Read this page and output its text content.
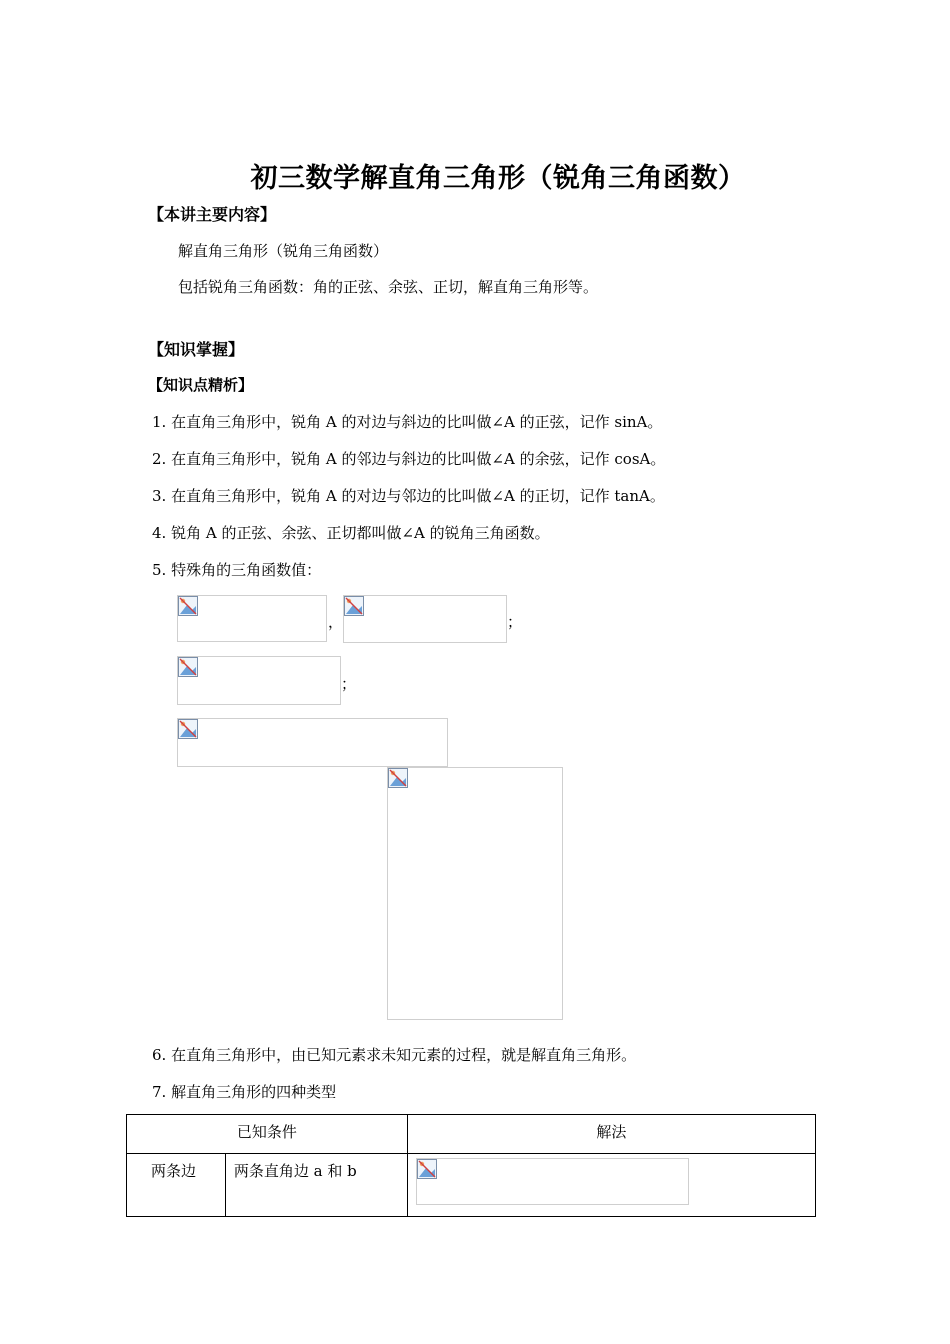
初三数学解直角三角形（锐角三角函数）
【本讲主要内容】
解直角三角形（锐角三角函数）
包括锐角三角函数：角的正弦、余弦、正切，解直角三角形等。
【知识掌握】
【知识点精析】
1. 在直角三角形中，锐角 A 的对边与斜边的比叫做∠A 的正弦，记作 sinA。
2. 在直角三角形中，锐角 A 的邻边与斜边的比叫做∠A 的余弦，记作 cosA。
3. 在直角三角形中，锐角 A 的对边与邻边的比叫做∠A 的正切，记作 tanA。
4. 锐角 A 的正弦、余弦、正切都叫做∠A 的锐角三角函数。
5. 特殊角的三角函数值：
，	；
；
6. 在直角三角形中，由已知元素求未知元素的过程，就是解直角三角形。
7. 解直角三角形的四种类型
已知条件		解法
两条边	两条直角边 a 和 b	
